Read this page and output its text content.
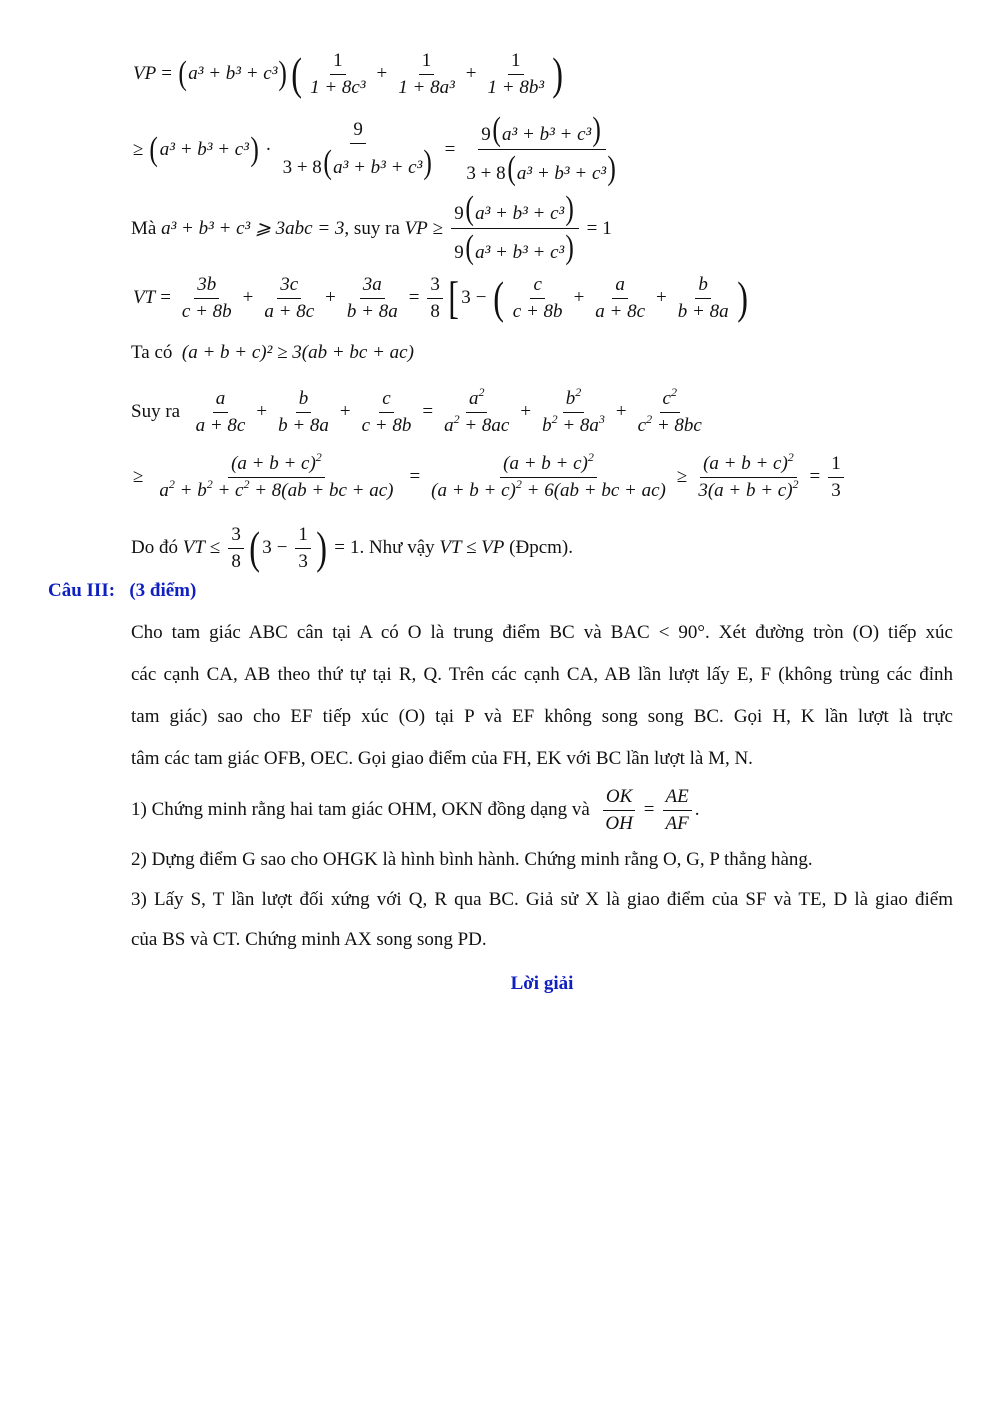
VP = ( a³ + b³ + c³ ) ( $\frac{1}{\text{1 + 8c³}} + \frac{1}{\text{1 + 8a³}} + \frac{1}{\text{1 + 8b³}}$ )
≥ ( a³ + b³ + c³ ) · $\frac{9}{\text{3 + 8(a³ + b³ + c³)}} = \frac{\text{9(a³ + b³ + c³)}}{\text{3 + 8(a³ + b³ + c³)}}$
Mà
a³ + b³ + c³ ⩾ 3abc = 3 , suy ra
VP ≥ $\frac{\text{9(a³ + b³ + c³)}}{\text{9(a³ + b³ + c³)}} = 1$
VT = $\frac{3b}{c + 8b} + \frac{3c}{a + 8c} + \frac{3a}{b + 8a} = \frac{3}{8}$ [ 3 − ( $\frac{c}{c + 8b} + \frac{a}{a + 8c} + \frac{b}{b + 8a}$ )
Ta có
(a + b + c)² ≥ 3(ab + bc + ac)
Suy ra
$\frac{a}{a + 8c} + \frac{b}{b + 8a} + \frac{c}{c + 8b} = \frac{a^2}{a^2 + 8ac} + \frac{b^2}{b^2 + 8a^3} + \frac{c^2}{c^2 + 8bc}$
≥ $\frac{(a + b + c)^2}{a^2 + b^2 + c^2 + 8(ab + bc + ac)} = \frac{(a + b + c)^2}{(a + b + c)^2 + 6(ab + bc + ac)} \ge \frac{(a + b + c)^2}{3(a + b + c)^2} = \frac{1}{3}$
Do đó
VT ≤ $\frac{3}{8}$ ( $3 - \frac{1}{3}$ ) = 1 . Như vậy
VT ≤ VP
(Đpcm).
Câu III: (3 điểm)
Cho tam giác ABC cân tại A có O là trung điểm BC và BAC < 90°. Xét đường tròn (O) tiếp xúc
các cạnh CA, AB theo thứ tự tại R, Q. Trên các cạnh CA, AB lần lượt lấy E, F (không trùng các đỉnh
tam giác) sao cho EF tiếp xúc (O) tại P và EF không song song BC. Gọi H, K lần lượt là trực
tâm các tam giác OFB, OEC. Gọi giao điểm của FH, EK với BC lần lượt là M, N.
1) Chứng minh rằng hai tam giác OHM, OKN đồng dạng và
$\frac{OK}{OH} = \frac{AE}{AF}$ .
2) Dựng điểm G sao cho OHGK là hình bình hành. Chứng minh rằng O, G, P thẳng hàng.
3) Lấy S, T lần lượt đối xứng với Q, R qua BC. Giả sử X là giao điểm của SF và TE, D là giao điểm
của BS và CT. Chứng minh AX song song PD.
Lời giải
